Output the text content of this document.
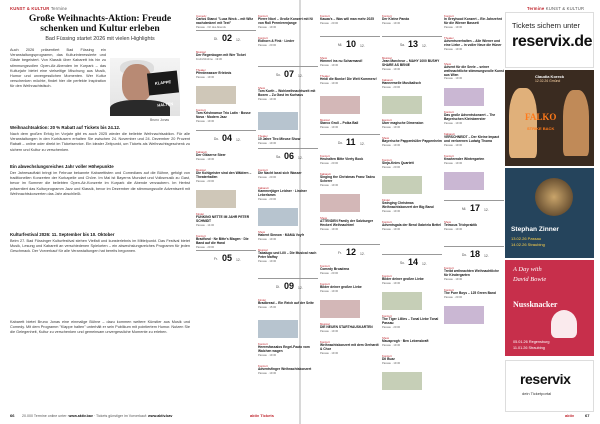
KUNST & KULTUR Termine
Große Weihnachts-Aktion: Freude schenken und Kultur erleben
Bad Füssing startet 2026 mit vielen Highlights
Auch 2026 präsentiert Bad Füssing ein Veranstaltungsprogramm, das Kulturinteressierte und Gäste begeistert. Von Klassik über Kabarett bis hin zu stimmungsvollen Open-Air-Abenden im Kurpark – das Kulturjahr bietet eine vielseitige Mischung aus Musik, Humor und unvergesslichen Momenten. Wer Kultur verschenken möchte, findet hier die perfekte Inspiration für den Weihnachtstisch.
KLAPPE HALTEN
Bruno Jonas
Weihnachtsaktion: 20 % Rabatt auf Tickets bis 24.12.
Nach dem großen Erfolg im Vorjahr gibt es auch 2025 wieder die beliebte Weihnachtsaktion. Für alle Veranstaltungen in den Kurhäusern erhalten Sie zwischen 24. November und 24. Dezember 20 Prozent Rabatt – online oder direkt im Ticketservice. Ein idealer Zeitpunkt, um Tickets als Weihnachtsgeschenk zu sichern und Kultur zu verschenken.
Ein abwechslungsreiches Jahr voller Höhepunkte
Der Jahresauftakt bringt im Februar bekannte Kabarettisten und Comedians auf die Bühne, gefolgt von traditionellen Konzerten der Kurkapelle und Chöre. Im Mai ist Bayerns Mundart und Volksmusik zu Gast, bevor im Sommer die beliebten Open-Air-Konzerte im Kurpark die Abende verzaubern. Im Herbst präsentiert das Kulturprogramm Jazz und Klassik, bevor im Dezember die stimmungsvolle Adventszeit mit Weihnachtskonzerten das Jahr abschließt.
Kulturfestival 2026: 11. September bis 10. Oktober
Beim 27. Bad Füssinger Kulturfestival stehen Vielfalt und kunsterlebnis im Mittelpunkt. Das Festival bietet Musik, Lesung und Kabarett an verschiedenen Spielorten – ein abwechslungsreiches Programm für jeden Geschmack. Der Vorverkauf für alle Veranstaltungen hat bereits begonnen.
Kabarett bietet Bruno Jonas eine einmalige Bühne – dazu kommen weitere Künstler aus Musik und Comedy. Mit dem Programm "Klappe halten" unterhält er sein Publikum mit pointiertem Humor. Nutzen Sie die Gelegenheit, Kultur zu verschenken und gemeinsam unvergessliche Momente zu erleben.
66 20.000 Termine online unter: www.aktiv.bav · Tickets günstiger im Vorverkauf: www.aktiv.bav	aktiv Tickets
Termine KUNST & KULTUR
67
aktiv
Di. 02 12.
Do. 04 12.
Fr. 05 12.
Comedy
Carlos Stanci "Luca Weck – mit Witz nachdenken! mit Text"
Passau · Ort des Abends
Musical
Der Regenbogen mit Wer Ticket
Freilichtbühne · 19:30
Theater
Pferdewasser Erlebnis
Passau · 19:30
Konzert
Tom Krishnamur Trio Latin · Bosse Nova · Modern Jazz
Passau · 19:30
Kabarett
Der Gläserne Steer
Passau · 19:30
Musical
Die Kohlgeister sind den Wäldern – Theaterhallen
Passau · 20:00
Kinder
FUNKING NETTE IM JAHR PETER SCHMIDT
Passau · 14:00
Konzert
Bradfond · Ne Bitte's Blagen · Die Band auf die Hand
Passau · 20:00
So. 07 12.
Sa. 06 12.
Di. 09 12.
Konzert
Pierre Nicel – Große Konzert mit Ni von Roll Premierenjange
Passau · 19:30
Konzert
Eidhorn & Fink · Lieder
Passau · 20:00
Show
Tom Kurth – Wohlweihnachtszeit mit Boxen – Zu Gast im Kurhaus
Passau · 19:30
Theater
10 Jahre Tiro Mieuse Show
Passau · 19:30
Konzert
Die Nacht lasst sich Wasser
Passau · 20:00
Kabarett
Kammerjäger Leidner · Lindner Leberlamm
Passau · 20:00
Show
Habent Sinnow · MAMA Voyfr
Passau · 19:30
Musical
Tabalugo und Lilli – Die Musical nach Peter Maffay
Passau · 19:30
Kinder
Bradbread – Ein Reich auf der Seite
Passau · 15:00
Konzert
Heeresfassalos Engel-Fauto vom Walchen wagen
Passau · 19:30
Konzert
Adventsfinger Weihnachtskonzert
Passau · 19:30
Mi. 10 12.
Do. 11 12.
Fr. 12 12.
Konzert
Kauaa's – Was will man mehr 2025
Passau · 20:00
Show
Himmel ins nu Scharmand!
Passau · 19:30
Theater
Heidi die Bonke! Die Welt Kommerz!
Passau · 19:30
Musical
Starco Groll – Polka Ball
Passau · 19:30
Konzert
Heuhalten Bitte Vierty Bock
Passau · 20:00
Kabarett
Singing the Christmas Franz Tadeu Scherer
Passau · 19:30
Show
ATTENDEN Family der Salzburger Heckerl Weihnachten!
Passau · 19:30
Konzert
Comedy Broadena
Passau · 20:00
Konzert
Bilder deiner großen Liebe
Passau · 19:30
Musical
DIE NEUEN STARTHAUSKARTEN
Passau · 19:30
Konzert
Weihnachtskonzert mit dem Gerhardt & Chor
Passau · 19:30
Sa. 13 12.
So. 14 12.
Konzert
Der Kleine Panda
Passau · 19:30
Musical
Jean Marcheur – MAHY 1000 BUSHY SHARE AS BENIE
Passau · 19:30
Kabarett
Hannerwelle Musikalisch
Passau · 20:00
Konzert
Über magische Dimension
Passau · 19:30
Show
Bayerische Pappenhüller Pappenheim
Passau · 19:30
Konzert
Sinja-Knies Quartett
Passau · 20:00
Kinder
Swinging Christmas Weihnachtskonzert der Big Band
Passau · 19:30
Konzert
Adventsgala der Bend Gabriela Bettel
Passau · 19:30
Konzert
Bilder deiner großen Liebe
Passau · 19:30
Konzert
The Tiger Lillies – Tonal Liebe Tonal Passau
Passau · 20:00
Show
Mausprogh · Ben Lebenskraft
Passau · 19:30
Konzert
Dil Buzz
Passau · 19:30
Mi. 17 12.
Do. 18 12.
Konzert
In Greyhood Konzert – Ein Jahrzehnt für die Wiener Bassett
Passau · 19:30
Theater
Adventsverhalten – Alle Wiener und eine Liebe – in voller Neue die Hüner
Passau · 19:30
Show
Advent für die Seele – seiner weihnachtliche stimmungsvolle Kunst aus Wien
Passau · 19:30
Konzert
Das große Adventskonzert – The Bayerischen Kleinbeerster
Passau · 19:30
Kabarett
VERSCHNEIDT – Der Kleine Impact und verlorenen Ludwig Thoma
Passau · 19:30
Konzert
Kwahrender Wintergarten
Passau · 19:30
Show
Tetracus Trichpraktik
Passau · 19:30
Konzert
Treibt weihnachten Weihnachtliche für Kindergarten
Passau · 19:30
Konzert
The Pure Boys – 125 Green Band
Passau · 20:00
Tickets sichern unter
reservix.de
Claudia Koreck
12.02.26 Gmünd
FALKO
STRIKE BACK
Stephan Zinner
13.02.26 Passau
14.02.26 Straubing
A Day with
David Bowie
Nussknacker
05.01.26 Regensburg
11.01.26 Straubing
reservix
dein Ticketportal
